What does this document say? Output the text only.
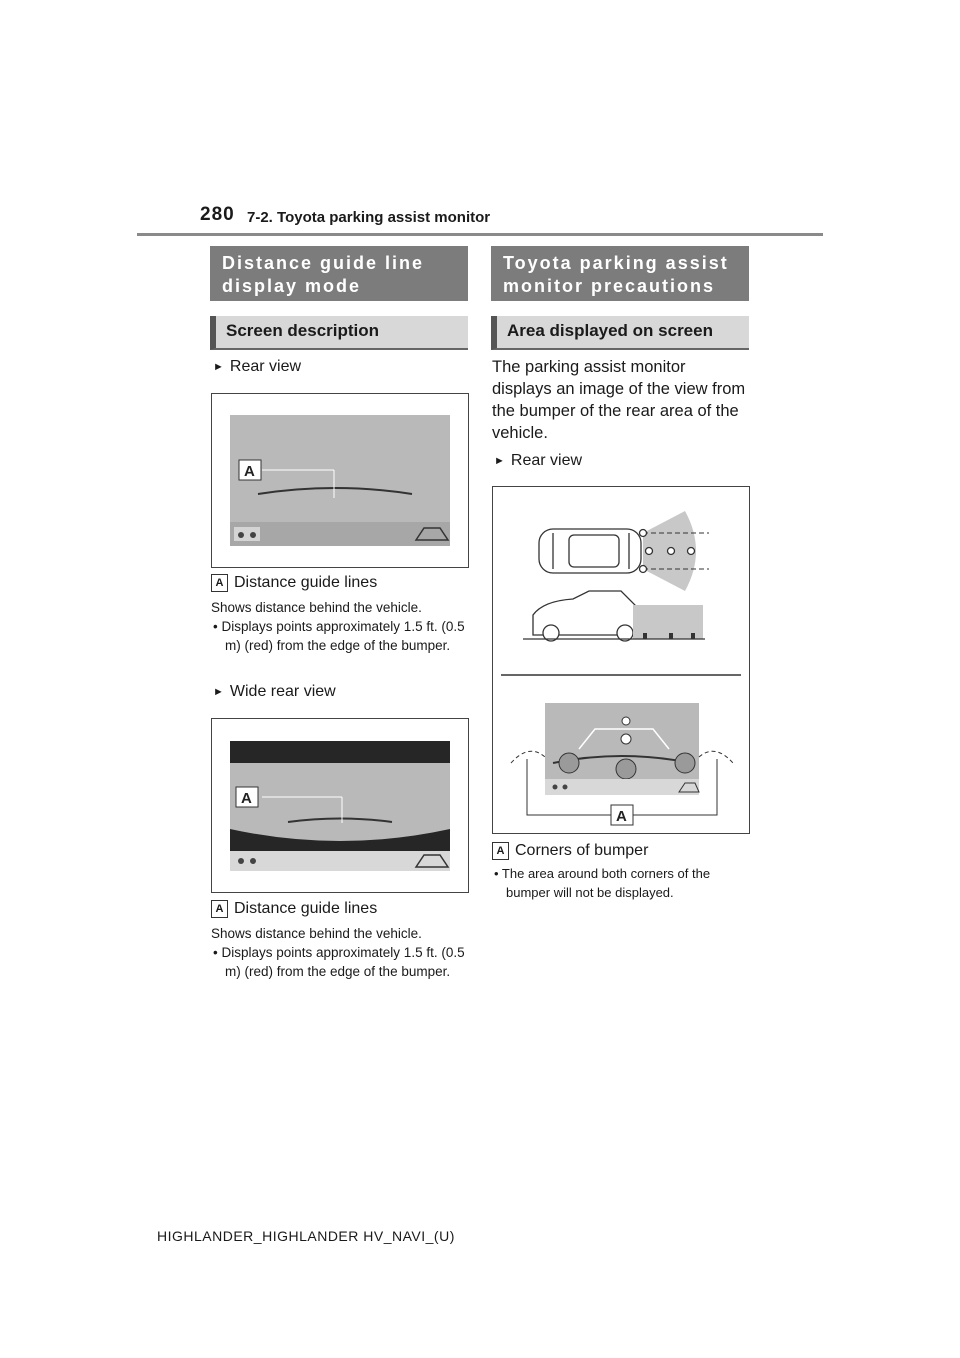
280 7-2. Toyota parking assist monitor
Distance guide line display mode
Screen description
► Rear view
A
A Distance guide lines
Shows distance behind the vehicle.
• Displays points approximately 1.5 ft. (0.5 m) (red) from the edge of the bumper.
► Wide rear view
A
A Distance guide lines
Shows distance behind the vehicle.
• Displays points approximately 1.5 ft. (0.5 m) (red) from the edge of the bumper.
Toyota parking assist monitor precautions
Area displayed on screen
The parking assist monitor displays an image of the view from the bumper of the rear area of the vehicle.
► Rear view
A
A Corners of bumper
• The area around both corners of the bumper will not be displayed.
HIGHLANDER_HIGHLANDER HV_NAVI_(U)
